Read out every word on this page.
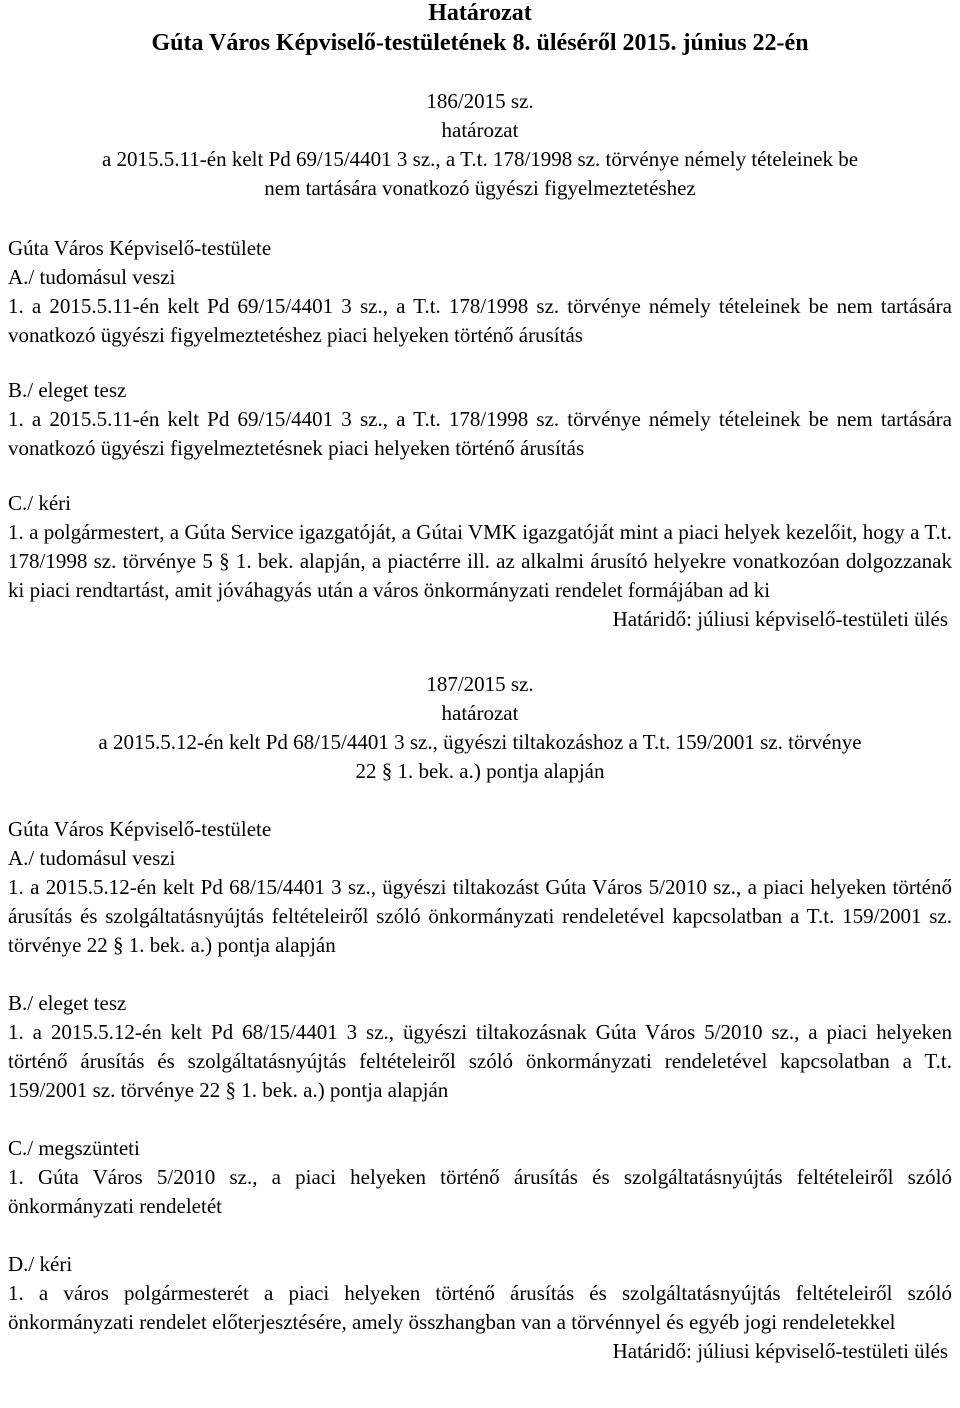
Határozat
Gúta Város Képviselő-testületének 8. üléséről 2015. június 22-én
186/2015 sz.
határozat
a 2015.5.11-én kelt Pd 69/15/4401 3 sz., a T.t. 178/1998 sz. törvénye némely tételeinek be
nem tartására vonatkozó ügyészi figyelmeztetéshez
Gúta Város Képviselő-testülete
A./ tudomásul veszi
1. a 2015.5.11-én kelt Pd 69/15/4401 3 sz., a T.t. 178/1998 sz. törvénye némely tételeinek be nem tartására vonatkozó ügyészi figyelmeztetéshez piaci helyeken történő árusítás
B./ eleget tesz
1. a 2015.5.11-én kelt Pd 69/15/4401 3 sz., a T.t. 178/1998 sz. törvénye némely tételeinek be nem tartására vonatkozó ügyészi figyelmeztetésnek piaci helyeken történő árusítás
C./ kéri
1. a polgármestert, a Gúta Service igazgatóját, a Gútai VMK igazgatóját mint a piaci helyek kezelőit, hogy a T.t. 178/1998 sz. törvénye 5 § 1. bek. alapján, a piactérre ill. az alkalmi árusító helyekre vonatkozóan dolgozzanak ki piaci rendtartást, amit jóváhagyás után a város önkormányzati rendelet formájában ad ki
Határidő: júliusi képviselő-testületi ülés
187/2015 sz.
határozat
a 2015.5.12-én kelt Pd 68/15/4401 3 sz., ügyészi tiltakozáshoz a T.t. 159/2001 sz. törvénye
22 § 1. bek. a.) pontja alapján
Gúta Város Képviselő-testülete
A./ tudomásul veszi
1. a 2015.5.12-én kelt Pd 68/15/4401 3 sz., ügyészi tiltakozást Gúta Város 5/2010 sz., a piaci helyeken történő árusítás és szolgáltatásnyújtás feltételeiről szóló önkormányzati rendeletével kapcsolatban a T.t. 159/2001 sz. törvénye 22 § 1. bek. a.) pontja alapján
B./ eleget tesz
1. a 2015.5.12-én kelt Pd 68/15/4401 3 sz., ügyészi tiltakozásnak Gúta Város 5/2010 sz., a piaci helyeken történő árusítás és szolgáltatásnyújtás feltételeiről szóló önkormányzati rendeletével kapcsolatban a T.t. 159/2001 sz. törvénye 22 § 1. bek. a.) pontja alapján
C./ megszünteti
1. Gúta Város 5/2010 sz., a piaci helyeken történő árusítás és szolgáltatásnyújtás feltételeiről szóló önkormányzati rendeletét
D./ kéri
1. a város polgármesterét a piaci helyeken történő árusítás és szolgáltatásnyújtás feltételeiről szóló önkormányzati rendelet előterjesztésére, amely összhangban van a törvénnyel és egyéb jogi rendeletekkel
Határidő: júliusi képviselő-testületi ülés
